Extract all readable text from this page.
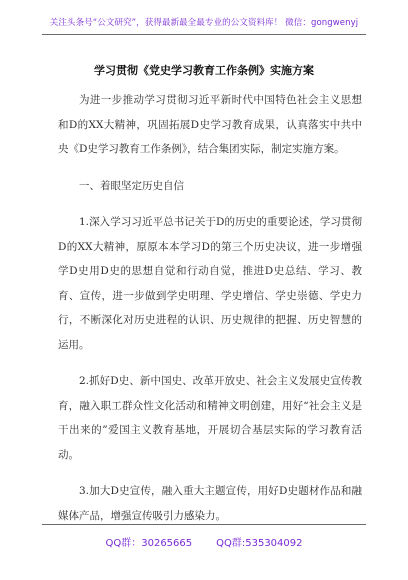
关注头条号“公文研究”，获得最新最全最专业的公文资料库！ 微信：gongwenyj
学习贯彻《党史学习教育工作条例》实施方案

为进一步推动学习贯彻习近平新时代中国特色社会主义思想和D的XX大精神，巩固拓展D史学习教育成果，认真落实中共中央《D史学习教育工作条例》，结合集团实际，制定实施方案。

一、着眼坚定历史自信

1.深入学习习近平总书记关于D的历史的重要论述，学习贯彻D的XX大精神，原原本本学习D的第三个历史决议，进一步增强学D史用D史的思想自觉和行动自觉，推进D史总结、学习、教育、宣传，进一步做到学史明理、学史增信、学史崇德、学史力行，不断深化对历史进程的认识、历史规律的把握、历史智慧的运用。

2.抓好D史、新中国史、改革开放史、社会主义发展史宣传教育，融入职工群众性文化活动和精神文明创建，用好“社会主义是干出来的”爱国主义教育基地，开展切合基层实际的学习教育活动。

3.加大D史宣传，融入重大主题宣传，用好D史题材作品和融媒体产品，增强宣传吸引力感染力。

QQ群：30265665 QQ群:535304092
